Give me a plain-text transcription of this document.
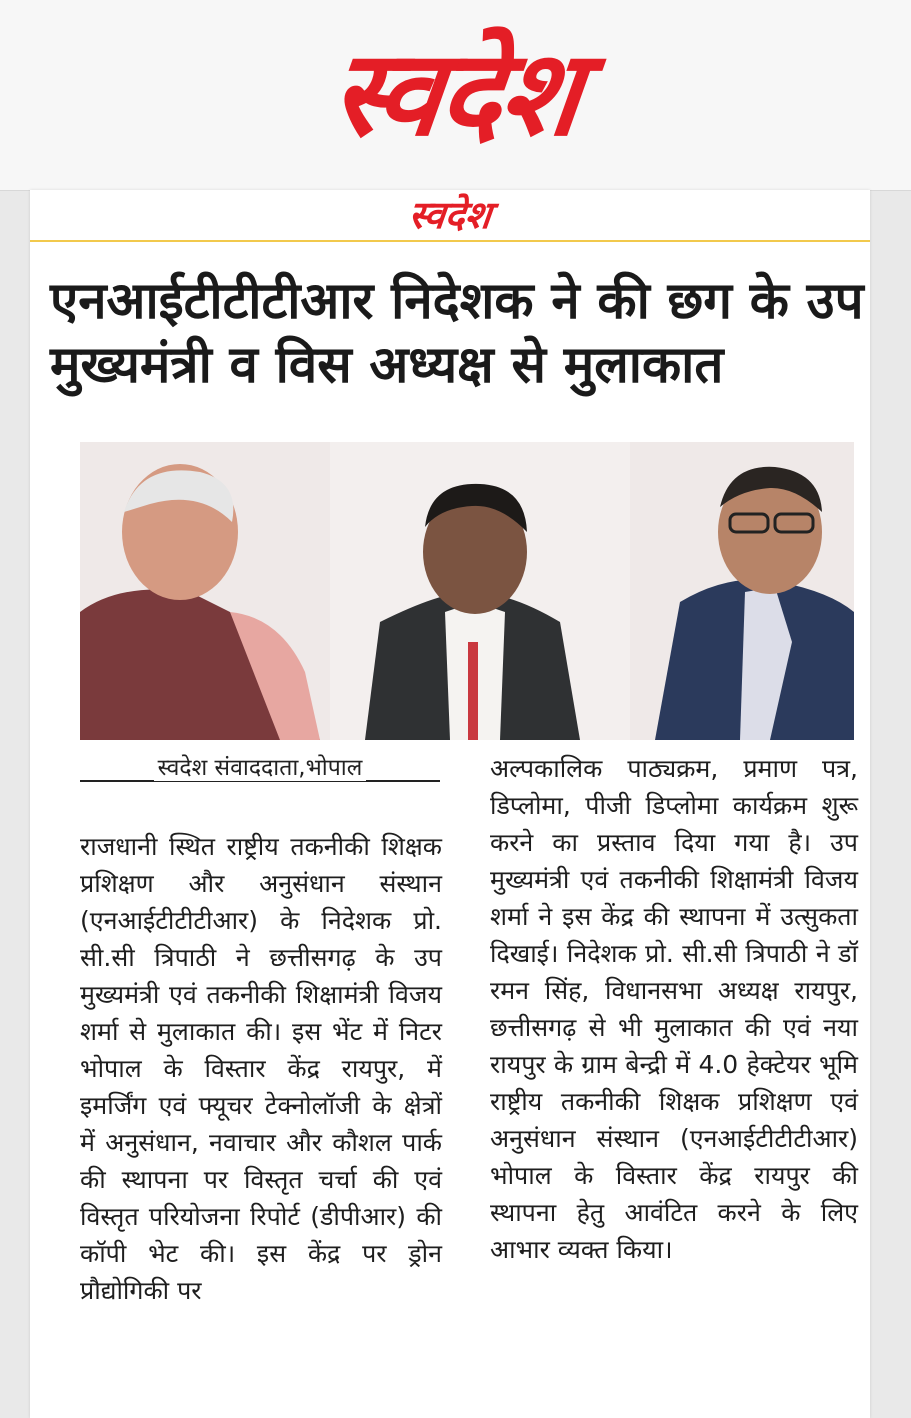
स्वदेश
स्वदेश
एनआईटीटीटीआर निदेशक ने की छग के उप मुख्यमंत्री व विस अध्यक्ष से मुलाकात
स्वदेश संवाददाता,भोपाल

राजधानी स्थित राष्ट्रीय तकनीकी शिक्षक प्रशिक्षण और अनुसंधान संस्थान (एनआईटीटीटीआर) के निदेशक प्रो. सी.सी त्रिपाठी ने छत्तीसगढ़ के उप मुख्यमंत्री एवं तकनीकी शिक्षामंत्री विजय शर्मा से मुलाकात की। इस भेंट में निटर भोपाल के विस्तार केंद्र रायपुर, में इमर्जिंग एवं फ्यूचर टेक्नोलॉजी के क्षेत्रों में अनुसंधान, नवाचार और कौशल पार्क की स्थापना पर विस्तृत चर्चा की एवं विस्तृत परियोजना रिपोर्ट (डीपीआर) की कॉपी भेट की। इस केंद्र पर ड्रोन प्रौद्योगिकी पर

अल्पकालिक पाठ्यक्रम, प्रमाण पत्र, डिप्लोमा, पीजी डिप्लोमा कार्यक्रम शुरू करने का प्रस्ताव दिया गया है। उप मुख्यमंत्री एवं तकनीकी शिक्षामंत्री विजय शर्मा ने इस केंद्र की स्थापना में उत्सुकता दिखाई। निदेशक प्रो. सी.सी त्रिपाठी ने डॉ रमन सिंह, विधानसभा अध्यक्ष रायपुर, छत्तीसगढ़ से भी मुलाकात की एवं नया रायपुर के ग्राम बेन्द्री में 4.0 हेक्टेयर भूमि राष्ट्रीय तकनीकी शिक्षक प्रशिक्षण एवं अनुसंधान संस्थान (एनआईटीटीटीआर) भोपाल के विस्तार केंद्र रायपुर की स्थापना हेतु आवंटित करने के लिए आभार व्यक्त किया।
